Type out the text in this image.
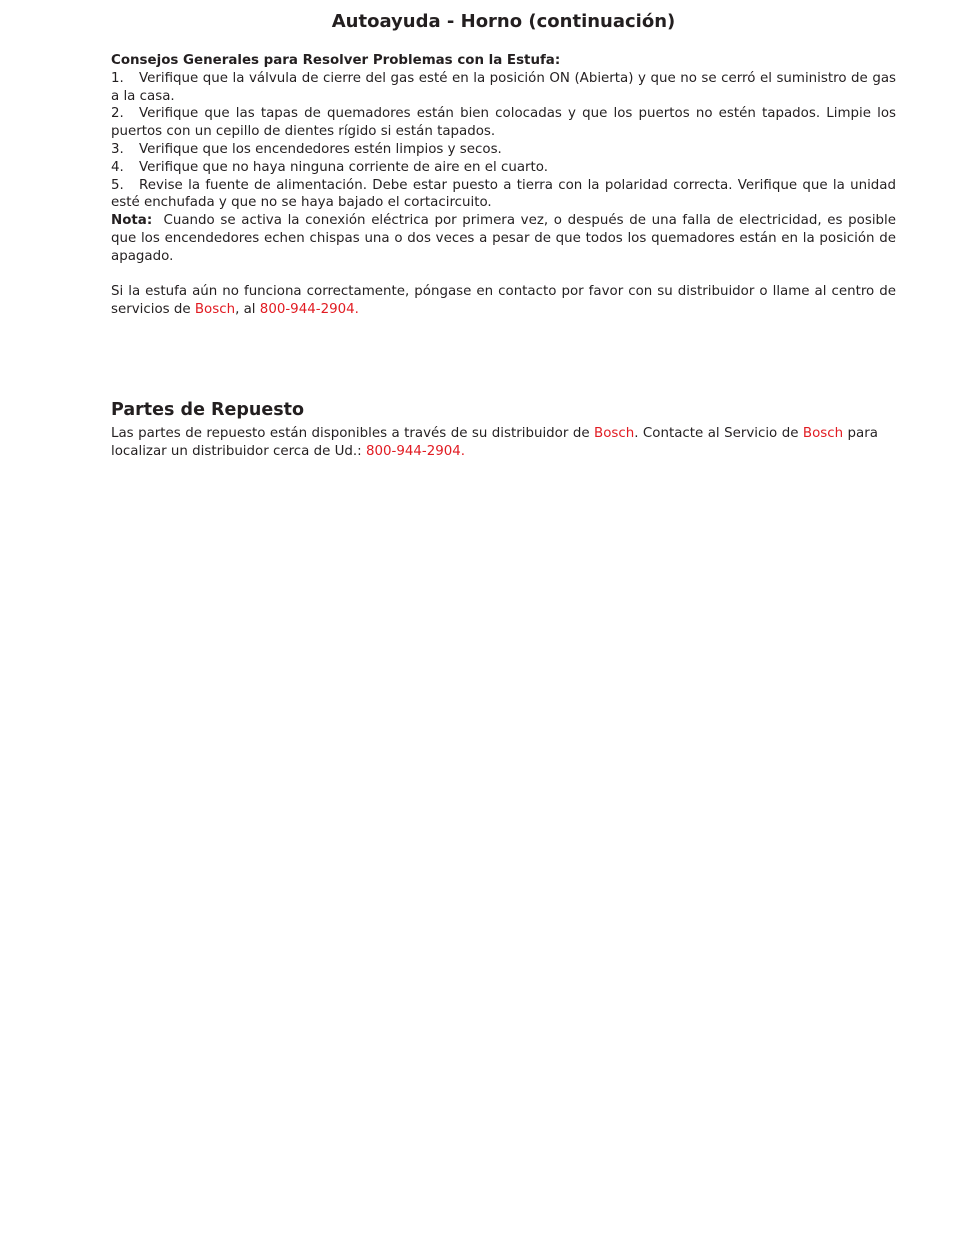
Autoayuda - Horno (continuación)

Consejos Generales para Resolver Problemas con la Estufa:

1. Verifique que la válvula de cierre del gas esté en la posición ON (Abierta) y que no se cerró el suministro de gas a la casa.

2. Verifique que las tapas de quemadores están bien colocadas y que los puertos no estén tapados. Limpie los puertos con un cepillo de dientes rígido si están tapados.

3. Verifique que los encendedores estén limpios y secos.

4. Verifique que no haya ninguna corriente de aire en el cuarto.

5. Revise la fuente de alimentación. Debe estar puesto a tierra con la polaridad correcta. Verifique que la unidad esté enchufada y que no se haya bajado el cortacircuito.

Nota: Cuando se activa la conexión eléctrica por primera vez, o después de una falla de electricidad, es posible que los encendedores echen chispas una o dos veces a pesar de que todos los quemadores están en la posición de apagado.

Si la estufa aún no funciona correctamente, póngase en contacto por favor con su distribuidor o llame al centro de servicios de Bosch, al 800-944-2904.

Partes de Repuesto

Las partes de repuesto están disponibles a través de su distribuidor de Bosch. Contacte al Servicio de Bosch para localizar un distribuidor cerca de Ud.: 800-944-2904.
